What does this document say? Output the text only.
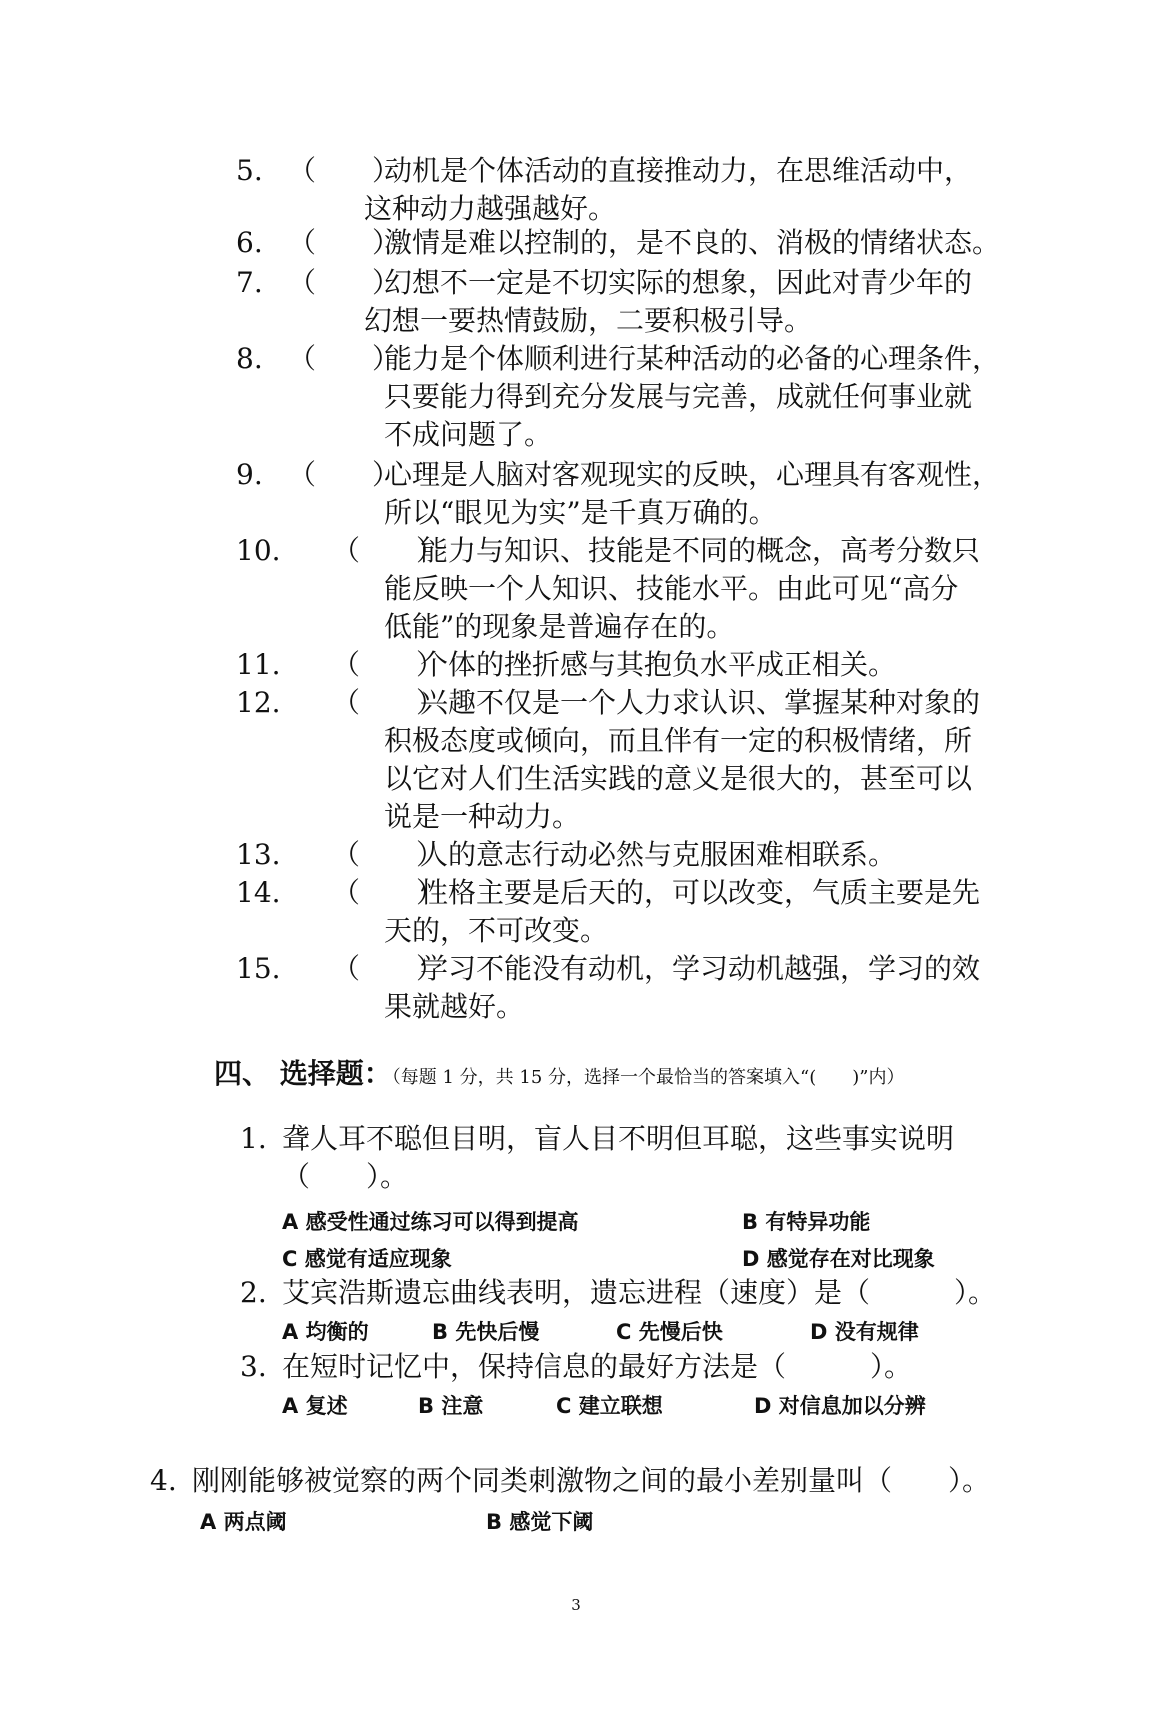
5. （　　）
动机是个体活动的直接推动力，在思维活动中，
这种动力越强越好。
6. （　　）
激情是难以控制的，是不良的、消极的情绪状态。
7. （　　）
幻想不一定是不切实际的想象，因此对青少年的
幻想一要热情鼓励，二要积极引导。
8. （　　）
能力是个体顺利进行某种活动的必备的心理条件，
只要能力得到充分发展与完善，成就任何事业就
不成问题了。
9. （　　）
心理是人脑对客观现实的反映，心理具有客观性，
所以“眼见为实”是千真万确的。
10. （　　）
能力与知识、技能是不同的概念，高考分数只
能反映一个人知识、技能水平。由此可见“高分
低能”的现象是普遍存在的。
11. （　　）
个体的挫折感与其抱负水平成正相关。
12. （　　）
兴趣不仅是一个人力求认识、掌握某种对象的
积极态度或倾向，而且伴有一定的积极情绪，所
以它对人们生活实践的意义是很大的，甚至可以
说是一种动力。
13. （　　）
人的意志行动必然与克服困难相联系。
14. （　　）
性格主要是后天的，可以改变，气质主要是先
天的，不可改变。
15. （　　）
学习不能没有动机，学习动机越强，学习的效
果就越好。
四、 选择题：（每题 1 分，共 15 分，选择一个最恰当的答案填入“(　　)”内）
1. 聋人耳不聪但目明，盲人目不明但耳聪，这些事实说明
（　　）。
A 感受性通过练习可以得到提高	B 有特异功能
C 感觉有适应现象	D 感觉存在对比现象
2. 艾宾浩斯遗忘曲线表明，遗忘进程（速度）是（　　　）。
A 均衡的	B 先快后慢	C 先慢后快	D 没有规律
3. 在短时记忆中，保持信息的最好方法是（　　　）。
A 复述	B 注意	C 建立联想	D 对信息加以分辨
4. 刚刚能够被觉察的两个同类刺激物之间的最小差别量叫（　　）。
A 两点阈	B 感觉下阈
3
